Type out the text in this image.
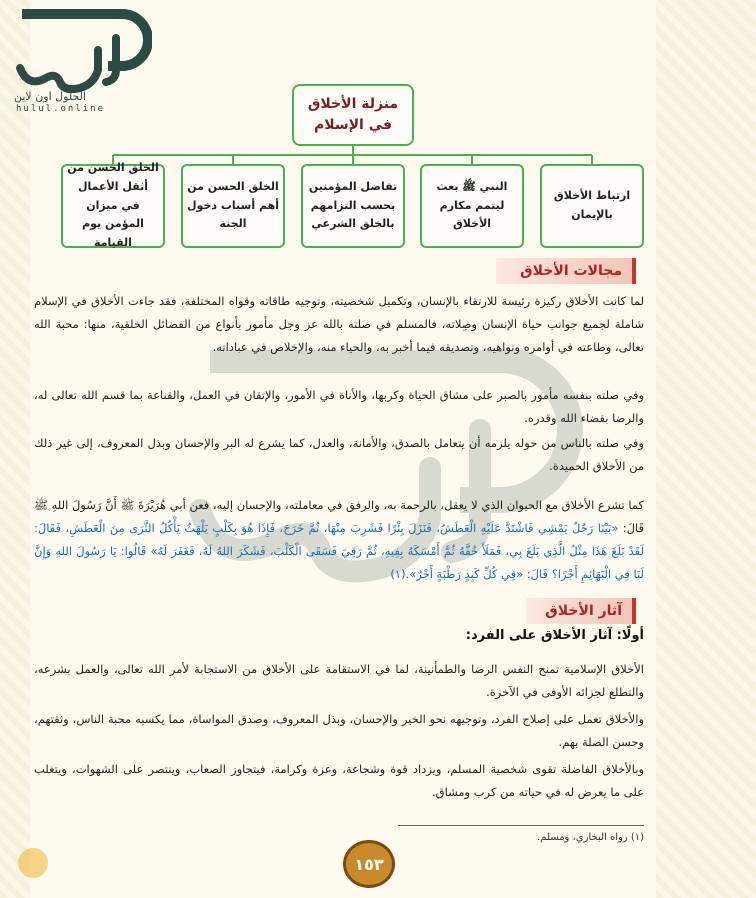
الحلول اون لاين
hulul.online	منزلة الأخلاق في الإسلام
ارتباط الأخلاق بالإيمان
النبي ﷺ بعث ليتمم مكارم الأخلاق
تفاضل المؤمنين بحسب التزامهم بالخلق الشرعي
الخلق الحسن من أهم أسباب دخول الجنة
الخلق الحسن من أثقل الأعمال في ميزان المؤمن يوم القيامة
مجالات الأخلاق

لما كانت الأخلاق ركيزة رئيسة للارتقاء بالإنسان، وتكميل شخصيته، وتوجيه طاقاته وقواه المختلفة، فقد جاءت الأخلاق في الإسلام شاملة لجميع جوانب حياة الإنسان وصِلاته، فالمسلم في صلته بالله عز وجل مأمور بأنواع من الفضائل الخلقية، منها: محبة الله تعالى، وطاعته في أوامره ونواهيه، وتصديقه فيما أخبر به، والحياء منه، والإخلاص في عباداته.

وفي صلته بنفسه مأمور بالصبر على مشاق الحياة وكربها، والأناة في الأمور، والإتقان في العمل، والقناعة بما قسم الله تعالى له، والرضا بقضاء الله وقدره.

وفي صلته بالناس من حوله يلزمه أن يتعامل بالصدق، والأمانة، والعدل، كما يشرع له البر والإحسان وبذل المعروف، إلى غير ذلك من الأخلاق الحميدة.

كما تشرع الأخلاق مع الحيوان الذي لا يعقل، بالرحمة به، والرفق في معاملته، والإحسان إليه، فعن أبي هُرَيْرَةَ ﷺ أَنَّ رَسُولَ اللهِ ﷺ قَالَ: «بَيْنَا رَجُلٌ يَمْشِي فَاشْتَدَّ عَلَيْهِ الْعَطَشُ، فَنَزَلَ بِئْرًا فَشَرِبَ مِنْهَا، ثُمَّ خَرَجَ، فَإِذَا هُوَ بِكَلْبٍ يَلْهَثُ يَأْكُلُ الثَّرَى مِنَ الْعَطَشِ، فَقَالَ: لَقَدْ بَلَغَ هَذَا مِثْلُ الَّذِي بَلَغَ بِي، فَمَلَأَ خُفَّهُ ثُمَّ أَمْسَكَهُ بِفِيهِ، ثُمَّ رَقِيَ فَسَقَى الْكَلْبَ، فَشَكَرَ اللهُ لَهُ، فَغَفَرَ لَهُ» قَالُوا: يَا رَسُولَ اللهِ وَإِنَّ لَنَا فِي الْبَهَائِمِ أَجْرًا؟ قَالَ: «فِي كُلِّ كَبِدٍ رَطْبَةٍ أَجْرٌ».(١)

آثار الأخلاق
أولًا: آثار الأخلاق على الفرد:

الأخلاق الإسلامية تمنح النفس الرضا والطمأنينة، لما في الاستقامة على الأخلاق من الاستجابة لأمر الله تعالى، والعمل بشرعه، والتطلع لجزائه الأوفى في الآخرة.

والأخلاق تعمل على إصلاح الفرد، وتوجيهه نحو الخير والإحسان، وبذل المعروف، وصدق المواساة، مما يكسبه محبة الناس، وثقتهم، وحسن الصلة بهم.

وبالأخلاق الفاضلة تقوى شخصية المسلم، ويزداد قوة وشجاعة، وعزة وكرامة، فيتجاوز الصعاب، وينتصر على الشهوات، ويتغلب على ما يعرض له في حياته من كرب ومشاق.

(١) رواه البخاري، ومسلم.
١٥٣
